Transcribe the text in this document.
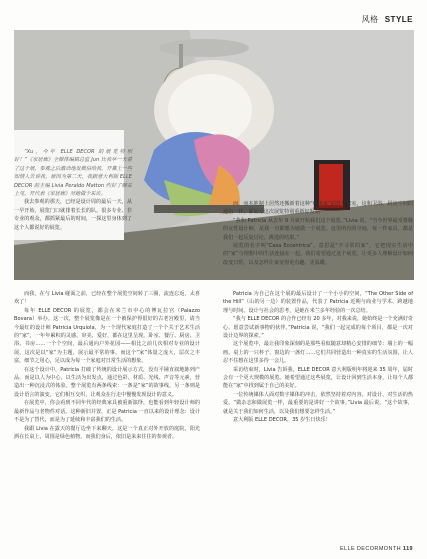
风格 STYLE

“Xu，今年 ELLE DECOR 的展览特别好！”《家居廊》全媒体编辑总监 Jun 比我早一天看了这个展，参观之后激动地发微信给我。开幕上一些知情人告诉我，原因为第二天，我跟意大利版 ELLE DECOR 的主编 Livia Peraldo Matton 约好了聊采上见，开代表《家居廊》对她做个采访。

我去参观的那天，已经是设计周的最后一天，从一早开始，展览门口就排着长长的队。很多专业、非专业的观众，都抓紧最后的时间，一探这里身体到了这个人都说好的展览。

而我，在与 Livia 碰面之前，已经在整个展览空间转了三圈，流连忘返，太喜欢了！

每年 ELLE DECOR 的展览，都会在米兰市中心的博瓦拉宫（Palazzo Bovara）举办。这一次，整个展览像是在一个被保护得很好的古老宫殿里，请当今最红的设计师 Patricia Urquiola，为一个现代家庭打造了一个个关于艺术生活的“家”，一年年累积的灵感、审美、爱好，都在这里呈现。卧室、餐厅、厨房、卫浴、书房……一个个空间，最后通向户外花园——相比之前几次相对专业的设计展，这次是以“家”为主题，展示最平常的事。而这个“家”体量之庞大，层次之丰富，细节之用心，足以成为每一个家庭对日常生活的想象。

在这个设计中，Patricia 打破了传统的设计展示方式，没有平铺直叙地陈列产品，而是以人为中心，以生活为出发点，通过色彩、材质、光线、声音等元素，营造出一种沉浸式的体验。整个展览有两条线索：一条是“家”的故事线，另一条则是设计语言的演变，它们相互交织，让观众在行走中慢慢发现设计的意义。

在展览中，你会看到不同年代的经典家具被重新演绎，也能看到年轻设计师的最新作品与老物件对话。这种新旧并置，正是 Patricia 一直以来的设计理念：设计不是为了替代，而是为了延续和丰富我们的生活。

我跟 Livia 在露天的餐厅边坐下来聊天。这是一个真正对外开放的庭院，阳光洒在长桌上，周围是绿色植物，而我们身后，依旧是来来往往的参观者。

而，而本地制上居然还搬新着这种“传统家”的符号密室，这和卫浴、厨房空间的通俗一样，都显方这次展览特别重新好发制！

“我和 Patricia 从去年 9 月就开始我们这个展览。”Livia 说，“当今世界最受尊敬的女性设计师，是我一直都想为她做一个展览。这里所有的空间，每一件家具，都是我们一起反复讨论、挑选的结果。”

展览的名字叫“Casa Eccentrica”，意思是“不寻常的家”，它把现实生活中的“家”与理想中的生活连接在一起。我们希望通过这个展览，让更多人理解设计如何改变日常，以及怎样让家变得更有趣、更温暖。

Patricia 为自己在这个展的最后设计了一个小小的空间，“The Other Side of the Hill”（山的另一边）的装置作品，代表了 Patricia 近期与商业与学术、跨越地理与时间、设计与社会的思考，是她在米兰多年经验的一次总结。

“我与 ELLE DECOR 的合作已经有 20 多年，对我来说，她始终是一个充满好奇心、愿意尝试新事物的伙伴。”Patricia 说，“我们一起完成的每个项目，都是一次对设计边界的探索。”

这个展览中，最让我印象深刻的是那些看似随意却精心安排的细节：墙上的一幅画、桌上的一只杯子、窗边的一盏灯……它们共同营造出一种真实的生活氛围，让人忍不住想在这里多待一会儿。

采访结束时，Livia 告诉我，ELLE DECOR 意大利版明年将迎来 35 周年，届时会有一个更大规模的展览。她希望通过这些展览，让设计回到生活本身，让每个人都能在“家”中找到属于自己的美好。

一位传统媒体人面对数字媒体的冲击，依然坚持着对内容、对设计、对生活的热爱。“做杂志和做展览一样，最重要的是讲好一个故事。”Livia 最后说，“这个故事，就是关于我们如何生活，以及我们想要怎样生活。”

意大利版 ELLE DECOR，35 岁生日快乐！

ELLE DECORMONTH 119
